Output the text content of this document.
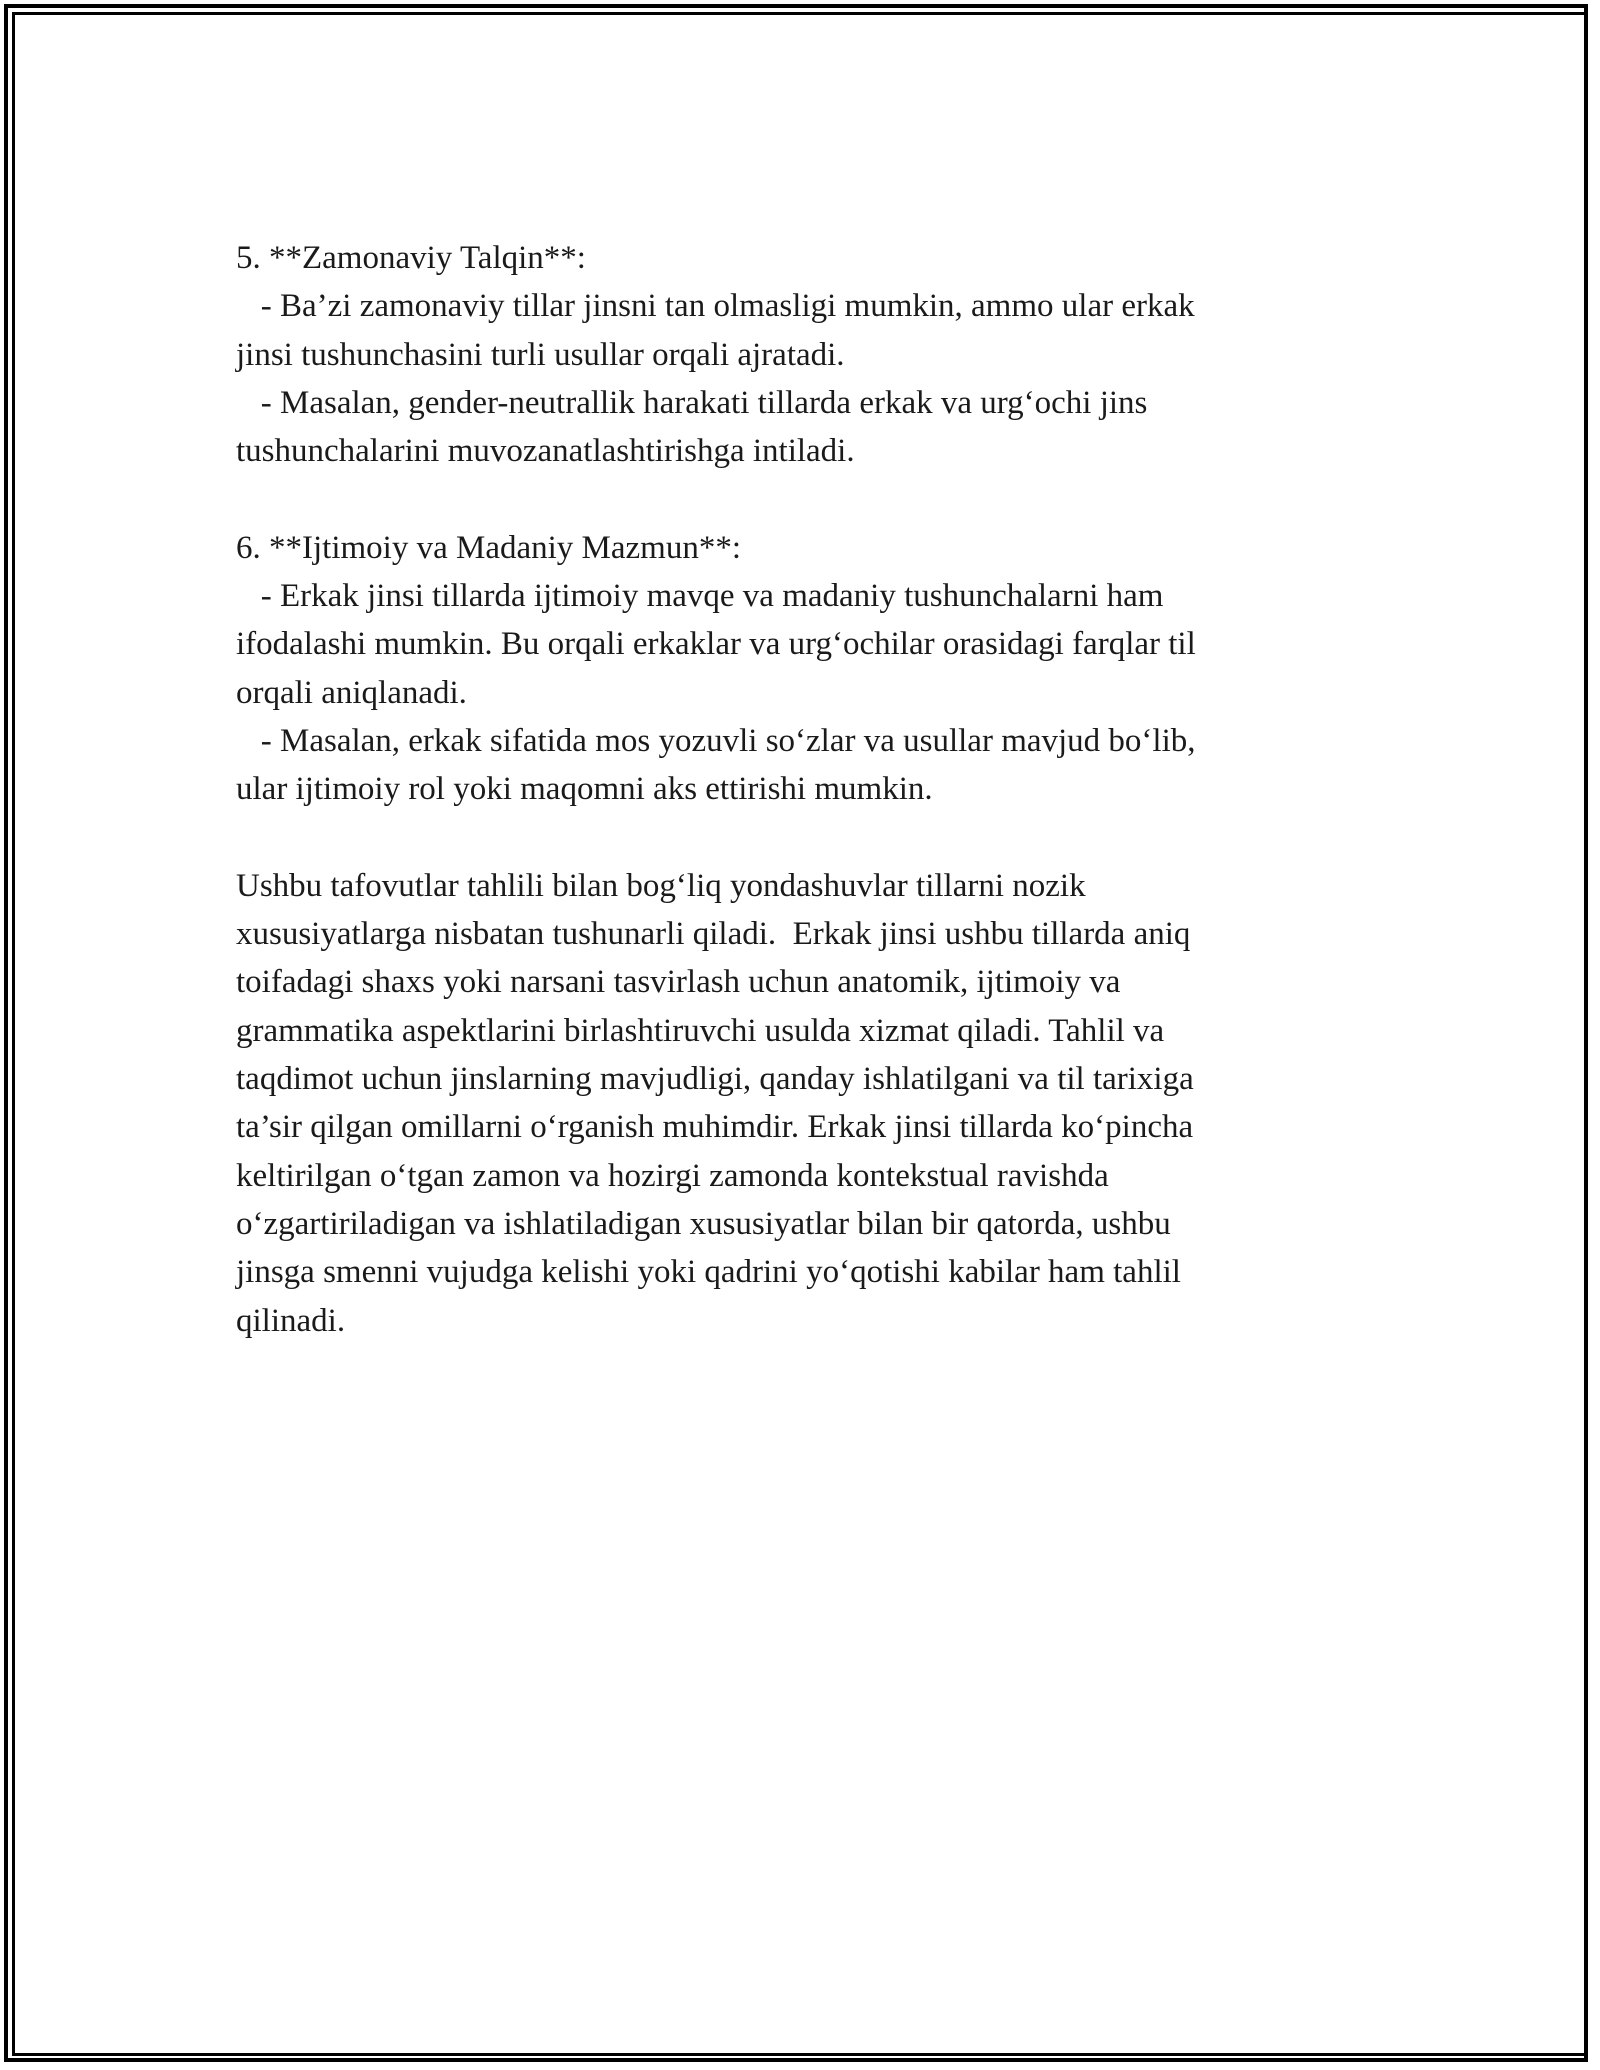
5. **Zamonaviy Talqin**:
- Ba’zi zamonaviy tillar jinsni tan olmasligi mumkin, ammo ular erkak
jinsi tushunchasini turli usullar orqali ajratadi.
- Masalan, gender-neutrallik harakati tillarda erkak va urg‘ochi jins
tushunchalarini muvozanatlashtirishga intiladi.
6. **Ijtimoiy va Madaniy Mazmun**:
- Erkak jinsi tillarda ijtimoiy mavqe va madaniy tushunchalarni ham
ifodalashi mumkin. Bu orqali erkaklar va urg‘ochilar orasidagi farqlar til
orqali aniqlanadi.
- Masalan, erkak sifatida mos yozuvli so‘zlar va usullar mavjud bo‘lib,
ular ijtimoiy rol yoki maqomni aks ettirishi mumkin.
Ushbu tafovutlar tahlili bilan bog‘liq yondashuvlar tillarni nozik
xususiyatlarga nisbatan tushunarli qiladi.  Erkak jinsi ushbu tillarda aniq
toifadagi shaxs yoki narsani tasvirlash uchun anatomik, ijtimoiy va
grammatika aspektlarini birlashtiruvchi usulda xizmat qiladi. Tahlil va
taqdimot uchun jinslarning mavjudligi, qanday ishlatilgani va til tarixiga
ta’sir qilgan omillarni o‘rganish muhimdir. Erkak jinsi tillarda ko‘pincha
keltirilgan o‘tgan zamon va hozirgi zamonda kontekstual ravishda
o‘zgartiriladigan va ishlatiladigan xususiyatlar bilan bir qatorda, ushbu
jinsga smenni vujudga kelishi yoki qadrini yo‘qotishi kabilar ham tahlil
qilinadi.
